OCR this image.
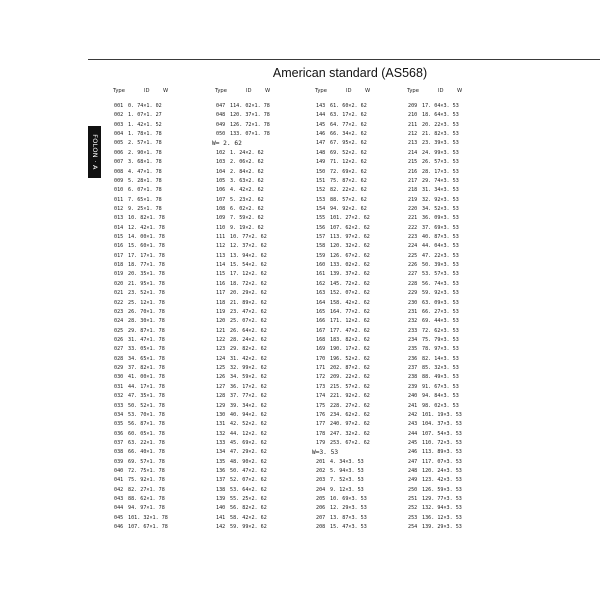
FOLON · A
American standard (AS568)
Type	ID	W
001 0. 74×1. 02
002 1. 07×1. 27
003 1. 42×1. 52
004 1. 78×1. 78
005 2. 57×1. 78
006 2. 90×1. 78
007 3. 68×1. 78
008 4. 47×1. 78
009 5. 28×1. 78
010 6. 07×1. 78
011 7. 65×1. 78
012 9. 25×1. 78
013 10. 82×1. 78
014 12. 42×1. 78
015 14. 00×1. 78
016 15. 60×1. 78
017 17. 17×1. 78
018 18. 77×1. 78
019 20. 35×1. 78
020 21. 95×1. 78
021 23. 52×1. 78
022 25. 12×1. 78
023 26. 70×1. 78
024 28. 30×1. 78
025 29. 87×1. 78
026 31. 47×1. 78
027 33. 05×1. 78
028 34. 65×1. 78
029 37. 82×1. 78
030 41. 00×1. 78
031 44. 17×1. 78
032 47. 35×1. 78
033 50. 52×1. 78
034 53. 70×1. 78
035 56. 87×1. 78
036 60. 05×1. 78
037 63. 22×1. 78
038 66. 40×1. 78
039 69. 57×1. 78
040 72. 75×1. 78
041 75. 92×1. 78
042 82. 27×1. 78
043 88. 62×1. 78
044 94. 97×1. 78
045 101. 32×1. 78
046 107. 67×1. 78
Type	ID	W
047 114. 02×1. 78
048 120. 37×1. 78
049 126. 72×1. 78
050 133. 07×1. 78
W= 2. 62
102 1. 24×2. 62
103 2. 06×2. 62
104 2. 84×2. 62
105 3. 63×2. 62
106 4. 42×2. 62
107 5. 23×2. 62
108 6. 02×2. 62
109 7. 59×2. 62
110 9. 19×2. 62
111 10. 77×2. 62
112 12. 37×2. 62
113 13. 94×2. 62
114 15. 54×2. 62
115 17. 12×2. 62
116 18. 72×2. 62
117 20. 29×2. 62
118 21. 89×2. 62
119 23. 47×2. 62
120 25. 07×2. 62
121 26. 64×2. 62
122 28. 24×2. 62
123 29. 82×2. 62
124 31. 42×2. 62
125 32. 99×2. 62
126 34. 59×2. 62
127 36. 17×2. 62
128 37. 77×2. 62
129 39. 34×2. 62
130 40. 94×2. 62
131 42. 52×2. 62
132 44. 12×2. 62
133 45. 69×2. 62
134 47. 29×2. 62
135 48. 90×2. 62
136 50. 47×2. 62
137 52. 07×2. 62
138 53. 64×2. 62
139 55. 25×2. 62
140 56. 82×2. 62
141 58. 42×2. 62
142 59. 99×2. 62
Type	ID	W
143 61. 60×2. 62
144 63. 17×2. 62
145 64. 77×2. 62
146 66. 34×2. 62
147 67. 95×2. 62
148 69. 52×2. 62
149 71. 12×2. 62
150 72. 69×2. 62
151 75. 87×2. 62
152 82. 22×2. 62
153 88. 57×2. 62
154 94. 92×2. 62
155 101. 27×2. 62
156 107. 62×2. 62
157 113. 97×2. 62
158 120. 32×2. 62
159 126. 67×2. 62
160 133. 02×2. 62
161 139. 37×2. 62
162 145. 72×2. 62
163 152. 07×2. 62
164 158. 42×2. 62
165 164. 77×2. 62
166 171. 12×2. 62
167 177. 47×2. 62
168 183. 82×2. 62
169 190. 17×2. 62
170 196. 52×2. 62
171 202. 87×2. 62
172 209. 22×2. 62
173 215. 57×2. 62
174 221. 92×2. 62
175 228. 27×2. 62
176 234. 62×2. 62
177 240. 97×2. 62
178 247. 32×2. 62
179 253. 67×2. 62
W=3. 53
201 4. 34×3. 53
202 5. 94×3. 53
203 7. 52×3. 53
204 9. 12×3. 53
205 10. 69×3. 53
206 12. 29×3. 53
207 13. 87×3. 53
208 15. 47×3. 53
Type	ID	W
209 17. 04×3. 53
210 18. 64×3. 53
211 20. 22×3. 53
212 21. 82×3. 53
213 23. 39×3. 53
214 24. 99×3. 53
215 26. 57×3. 53
216 28. 17×3. 53
217 29. 74×3. 53
218 31. 34×3. 53
219 32. 92×3. 53
220 34. 52×3. 53
221 36. 09×3. 53
222 37. 69×3. 53
223 40. 87×3. 53
224 44. 04×3. 53
225 47. 22×3. 53
226 50. 39×3. 53
227 53. 57×3. 53
228 56. 74×3. 53
229 59. 92×3. 53
230 63. 09×3. 53
231 66. 27×3. 53
232 69. 44×3. 53
233 72. 62×3. 53
234 75. 79×3. 53
235 78. 97×3. 53
236 82. 14×3. 53
237 85. 32×3. 53
238 88. 49×3. 53
239 91. 67×3. 53
240 94. 84×3. 53
241 98. 02×3. 53
242 101. 19×3. 53
243 104. 37×3. 53
244 107. 54×3. 53
245 110. 72×3. 53
246 113. 89×3. 53
247 117. 07×3. 53
248 120. 24×3. 53
249 123. 42×3. 53
250 126. 59×3. 53
251 129. 77×3. 53
252 132. 94×3. 53
253 136. 12×3. 53
254 139. 29×3. 53
